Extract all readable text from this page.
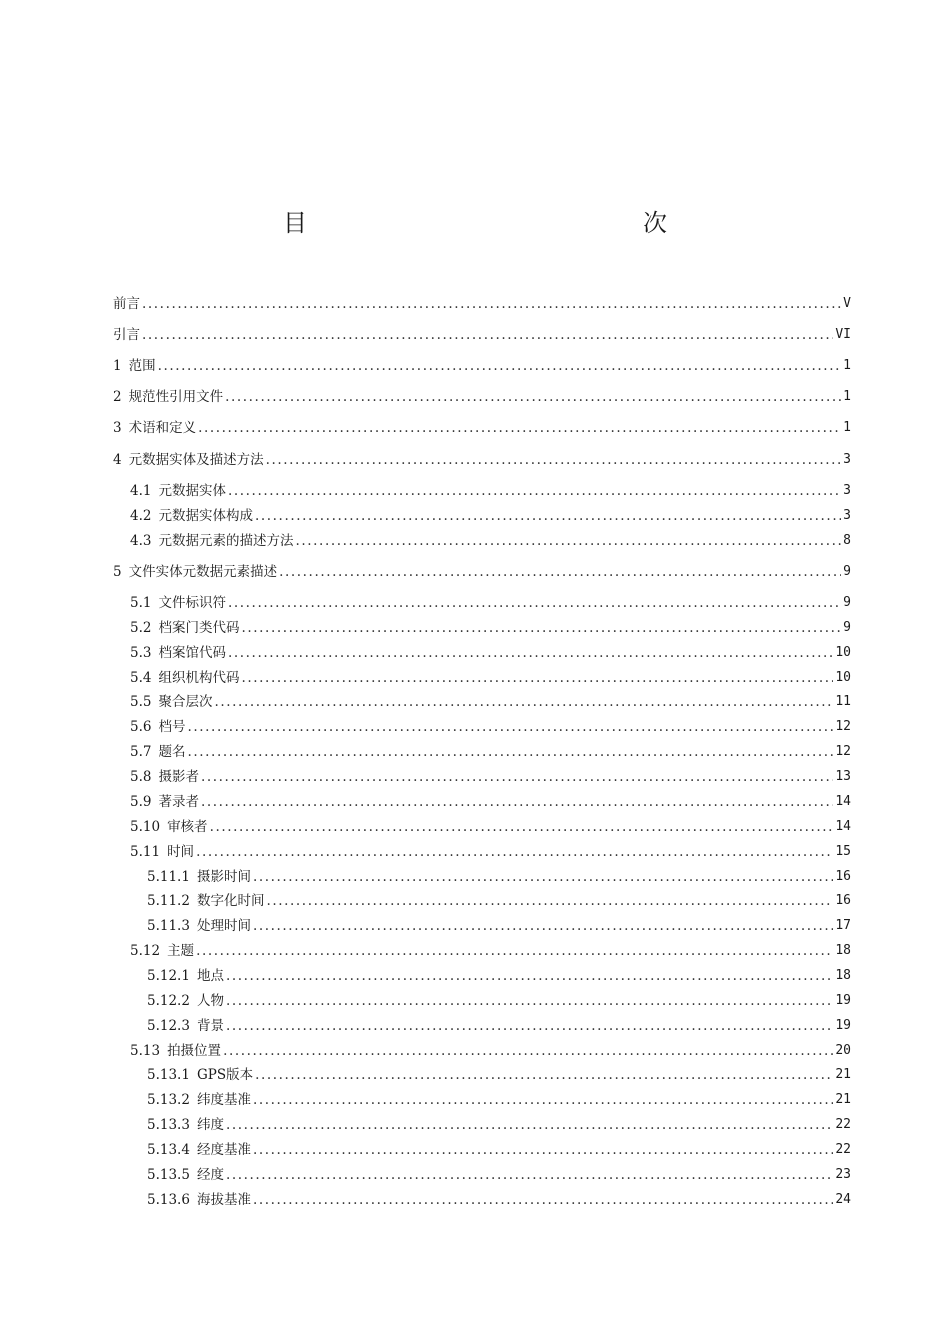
目　　次
前言 .....	V
引言 .....	VI
1 范围 .....	1
2 规范性引用文件 .....	1
3 术语和定义 .....	1
4 元数据实体及描述方法 .....	3
4.1 元数据实体 .....	3
4.2 元数据实体构成 .....	3
4.3 元数据元素的描述方法 .....	8
5 文件实体元数据元素描述 .....	9
5.1 文件标识符 .....	9
5.2 档案门类代码 .....	9
5.3 档案馆代码 .....	10
5.4 组织机构代码 .....	10
5.5 聚合层次 .....	11
5.6 档号 .....	12
5.7 题名 .....	12
5.8 摄影者 .....	13
5.9 著录者 .....	14
5.10 审核者 .....	14
5.11 时间 .....	15
5.11.1 摄影时间 .....	16
5.11.2 数字化时间 .....	16
5.11.3 处理时间 .....	17
5.12 主题 .....	18
5.12.1 地点 .....	18
5.12.2 人物 .....	19
5.12.3 背景 .....	19
5.13 拍摄位置 .....	20
5.13.1 GPS版本 .....	21
5.13.2 纬度基准 .....	21
5.13.3 纬度 .....	22
5.13.4 经度基准 .....	22
5.13.5 经度 .....	23
5.13.6 海拔基准 .....	24
